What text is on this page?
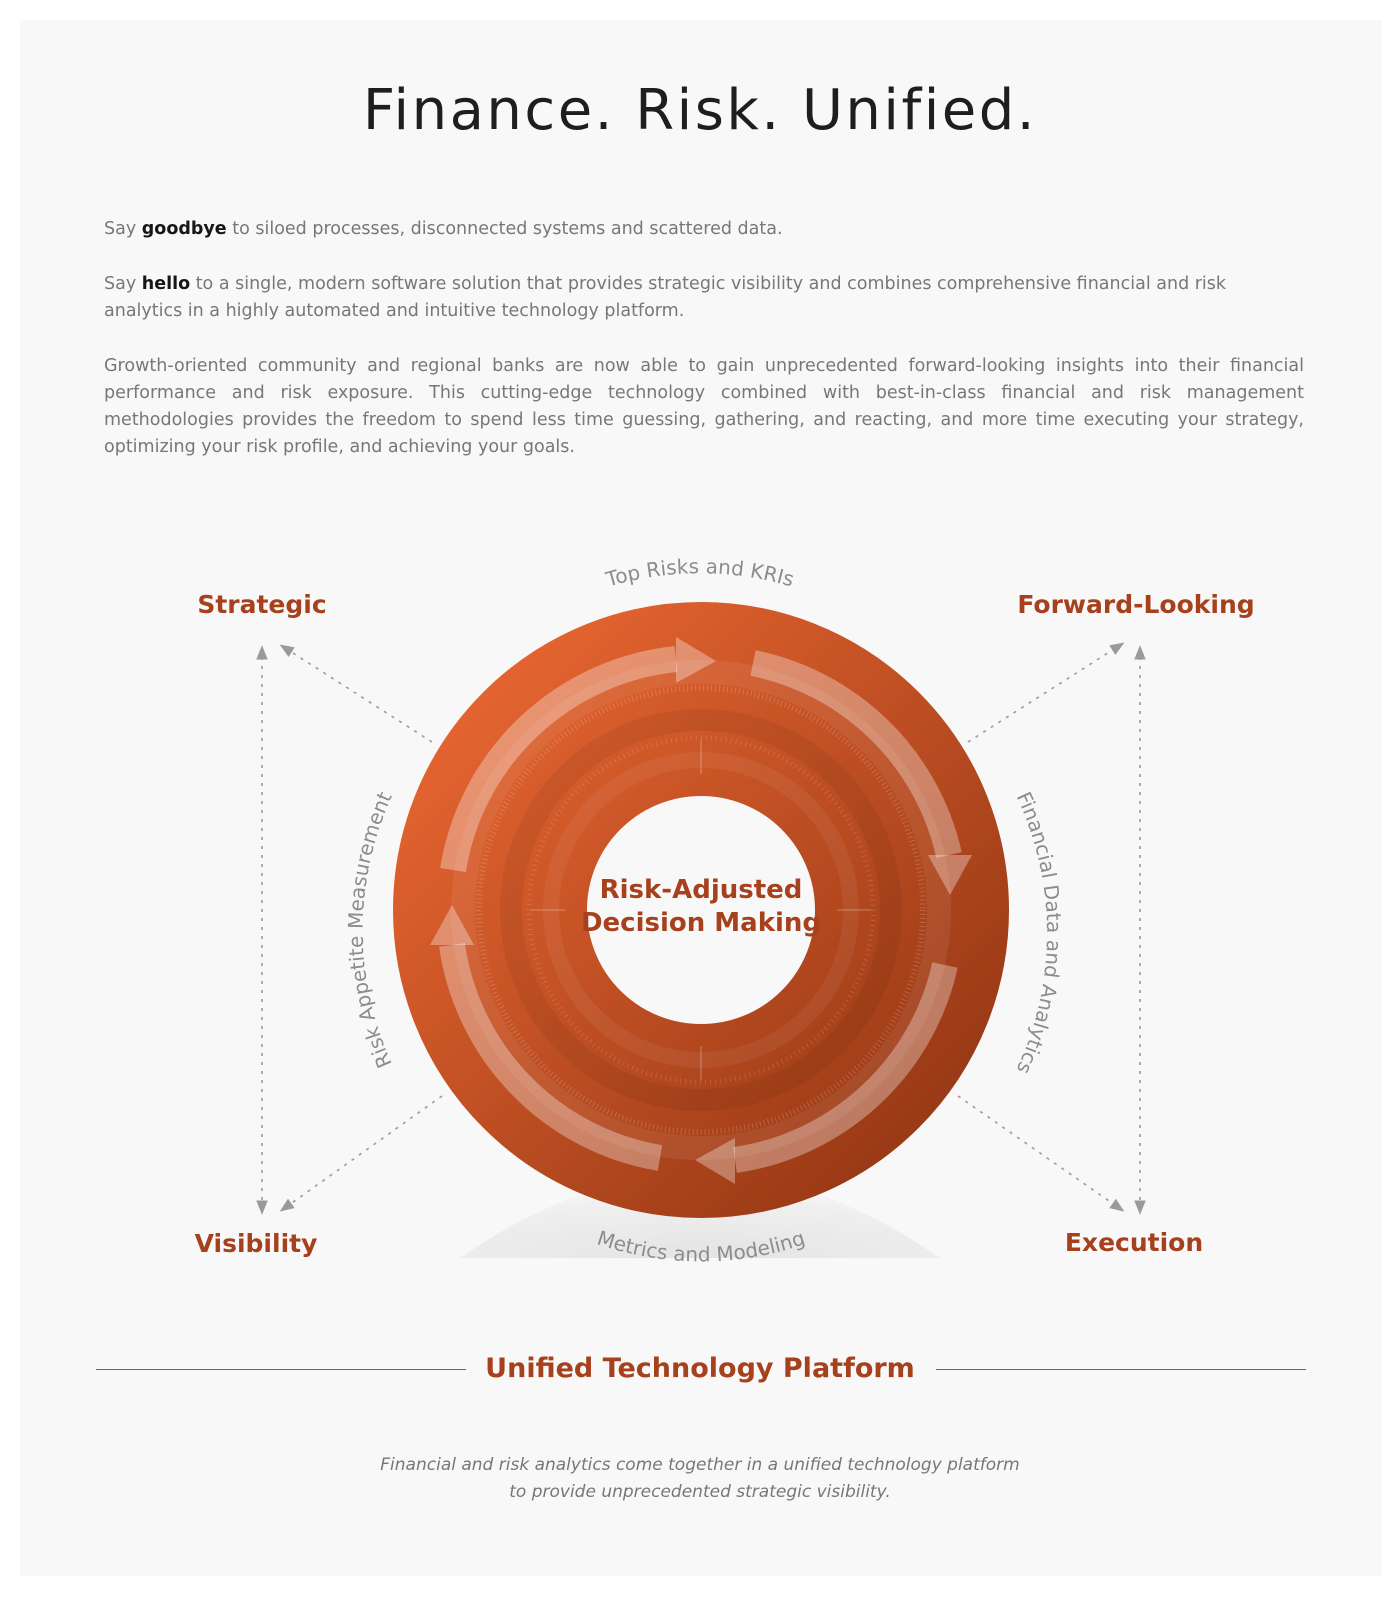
Finance. Risk. Unified.

Say goodbye to siloed processes, disconnected systems and scattered data.

Say hello to a single, modern software solution that provides strategic visibility and combines comprehensive financial and risk analytics in a highly automated and intuitive technology platform.

Growth-oriented community and regional banks are now able to gain unprecedented forward-looking insights into their financial performance and risk exposure. This cutting-edge technology combined with best-in-class financial and risk management methodologies provides the freedom to spend less time guessing, gathering, and reacting, and more time executing your strategy, optimizing your risk profile, and achieving your goals.

Risk-Adjusted
Decision Making
Top Risks and KRIs
Financial Data and Analytics
Metrics and Modeling
Risk Appetite Measurement
Strategic	Forward-Looking
Visibility	Execution
Unified Technology Platform
Financial and risk analytics come together in a unified technology platform
to provide unprecedented strategic visibility.
